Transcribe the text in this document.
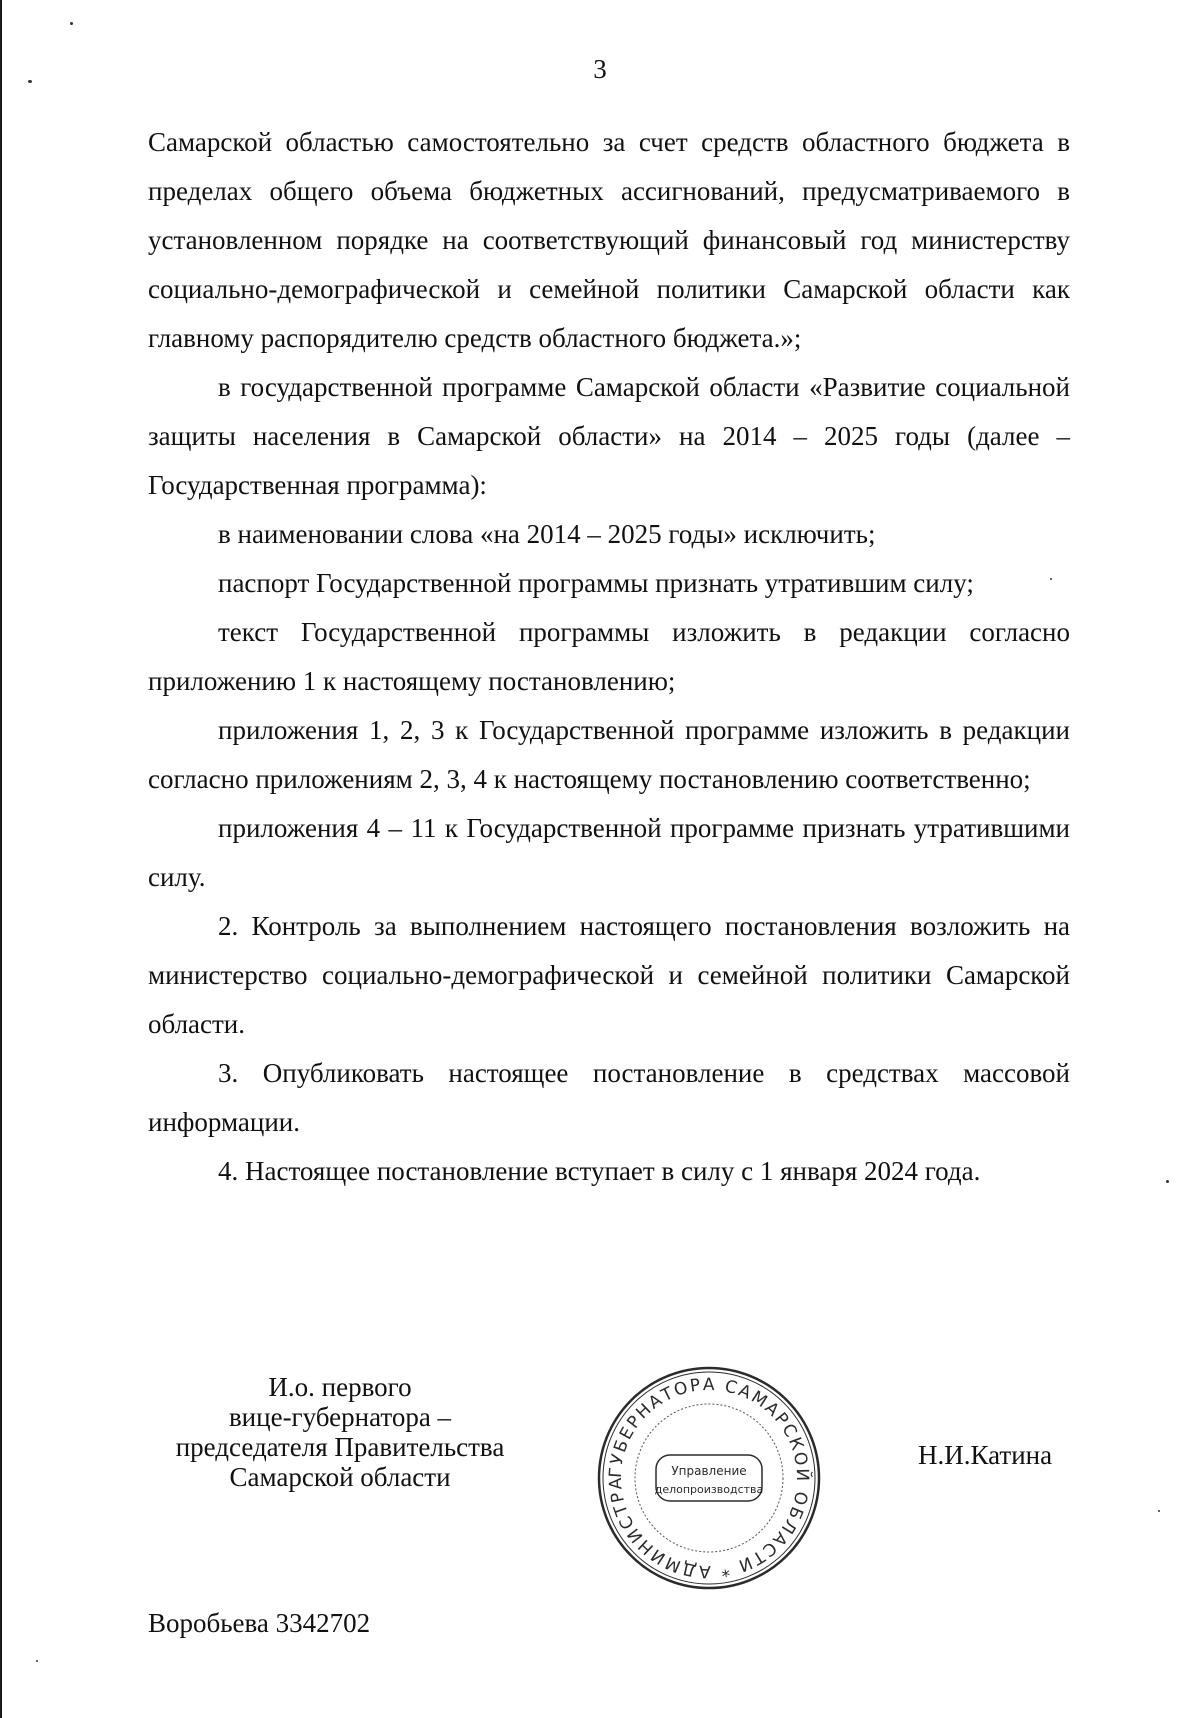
3

Самарской областью самостоятельно за счет средств областного бюджета в пределах общего объема бюджетных ассигнований, предусматриваемого в установленном порядке на соответствующий финансовый год министерству социально-демографической и семейной политики Самарской области как главному распорядителю средств областного бюджета.»;

в государственной программе Самарской области «Развитие социальной защиты населения в Самарской области» на 2014 – 2025 годы (далее – Государственная программа):

в наименовании слова «на 2014 – 2025 годы» исключить;

паспорт Государственной программы признать утратившим силу;

текст Государственной программы изложить в редакции согласно приложению 1 к настоящему постановлению;

приложения 1, 2, 3 к Государственной программе изложить в редакции согласно приложениям 2, 3, 4 к настоящему постановлению соответственно;

приложения 4 – 11 к Государственной программе признать утратившими силу.

2. Контроль за выполнением настоящего постановления возложить на министерство социально-демографической и семейной политики Самарской области.

3. Опубликовать настоящее постановление в средствах массовой информации.

4. Настоящее постановление вступает в силу с 1 января 2024 года.

И.о. первого
вице-губернатора –
председателя Правительства
Самарской области	ГУБЕРНАТОРА САМАРСКОЙ ОБЛАСТИ * АДМИНИСТРА
Управление
делопроизводства
Н.И.Катина
Воробьева 3342702
